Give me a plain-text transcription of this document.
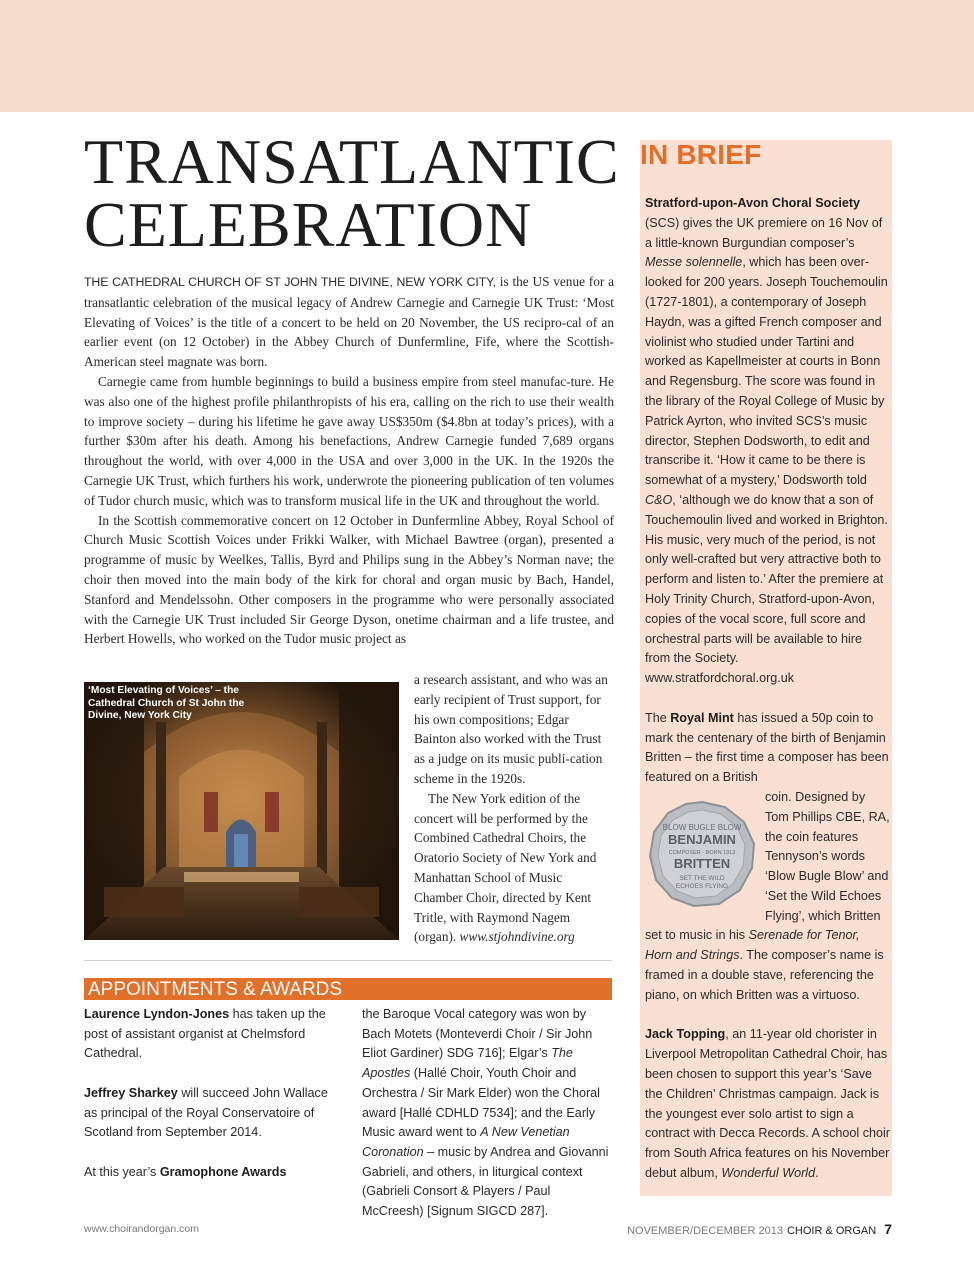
TRANSATLANTIC
CELEBRATION

THE CATHEDRAL CHURCH OF ST JOHN THE DIVINE, NEW YORK CITY, is the US venue for a transatlantic celebration of the musical legacy of Andrew Carnegie and Carnegie UK Trust: ‘Most Elevating of Voices’ is the title of a concert to be held on 20 November, the US recipro-cal of an earlier event (on 12 October) in the Abbey Church of Dunfermline, Fife, where the Scottish-American steel magnate was born.

Carnegie came from humble beginnings to build a business empire from steel manufac-ture. He was also one of the highest profile philanthropists of his era, calling on the rich to use their wealth to improve society – during his lifetime he gave away US$350m ($4.8bn at today’s prices), with a further $30m after his death. Among his benefactions, Andrew Carnegie funded 7,689 organs throughout the world, with over 4,000 in the USA and over 3,000 in the UK. In the 1920s the Carnegie UK Trust, which furthers his work, underwrote the pioneering publication of ten volumes of Tudor church music, which was to transform musical life in the UK and throughout the world.

In the Scottish commemorative concert on 12 October in Dunfermline Abbey, Royal School of Church Music Scottish Voices under Frikki Walker, with Michael Bawtree (organ), presented a programme of music by Weelkes, Tallis, Byrd and Philips sung in the Abbey’s Norman nave; the choir then moved into the main body of the kirk for choral and organ music by Bach, Handel, Stanford and Mendelssohn. Other composers in the programme who were personally associated with the Carnegie UK Trust included Sir George Dyson, onetime chairman and a life trustee, and Herbert Howells, who worked on the Tudor music project as

‘Most Elevating of Voices’ – the Cathedral Church of St John the Divine, New York City

a research assistant, and who was an early recipient of Trust support, for his own compositions; Edgar Bainton also worked with the Trust as a judge on its music publi-cation scheme in the 1920s.

The New York edition of the concert will be performed by the Combined Cathedral Choirs, the Oratorio Society of New York and Manhattan School of Music Chamber Choir, directed by Kent Tritle, with Raymond Nagem (organ). www.stjohndivine.org

APPOINTMENTS & AWARDS

Laurence Lyndon-Jones has taken up the post of assistant organist at Chelmsford Cathedral.

Jeffrey Sharkey will succeed John Wallace as principal of the Royal Conservatoire of Scotland from September 2014.

At this year’s Gramophone Awards

IN BRIEF

Stratford-upon-Avon Choral Society (SCS) gives the UK premiere on 16 Nov of a little-known Burgundian composer’s Messe solennelle, which has been over-looked for 200 years. Joseph Touchemoulin (1727-1801), a contemporary of Joseph Haydn, was a gifted French composer and violinist who studied under Tartini and worked as Kapellmeister at courts in Bonn and Regensburg. The score was found in the library of the Royal College of Music by Patrick Ayrton, who invited SCS’s music director, Stephen Dodsworth, to edit and transcribe it. ‘How it came to be there is somewhat of a mystery,’ Dodsworth told C&O, ‘although we do know that a son of Touchemoulin lived and worked in Brighton. His music, very much of the period, is not only well-crafted but very attractive both to perform and listen to.’ After the premiere at Holy Trinity Church, Stratford-upon-Avon, copies of the vocal score, full score and orchestral parts will be available to hire from the Society. www.stratfordchoral.org.uk

The Royal Mint has issued a 50p coin to mark the centenary of the birth of Benjamin Britten – the first time a composer has been featured on a British

coin. Designed by Tom Phillips CBE, RA, the coin features Tennyson’s words ‘Blow Bugle Blow’ and ‘Set the Wild Echoes Flying’, which Britten

set to music in his Serenade for Tenor, Horn and Strings. The composer’s name is framed in a double stave, referencing the piano, on which Britten was a virtuoso.

Jack Topping, an 11-year old chorister in Liverpool Metropolitan Cathedral Choir, has been chosen to support this year’s ‘Save the Children’ Christmas campaign. Jack is the youngest ever solo artist to sign a contract with Decca Records. A school choir from South Africa features on his November debut album, Wonderful World.

BLOW BUGLE BLOW
BENJAMIN
COMPOSER · BORN 1913
BRITTEN
SET THE WILD
ECHOES FLYING
www.choirandorgan.com	NOVEMBER/DECEMBER 2013 CHOIR & ORGAN 7

the Baroque Vocal category was won by Bach Motets (Monteverdi Choir / Sir John Eliot Gardiner) SDG 716]; Elgar’s The Apostles (Hallé Choir, Youth Choir and Orchestra / Sir Mark Elder) won the Choral award [Hallé CDHLD 7534]; and the Early Music award went to A New Venetian Coronation – music by Andrea and Giovanni Gabrieli, and others, in liturgical context (Gabrieli Consort & Players / Paul McCreesh) [Signum SIGCD 287].
